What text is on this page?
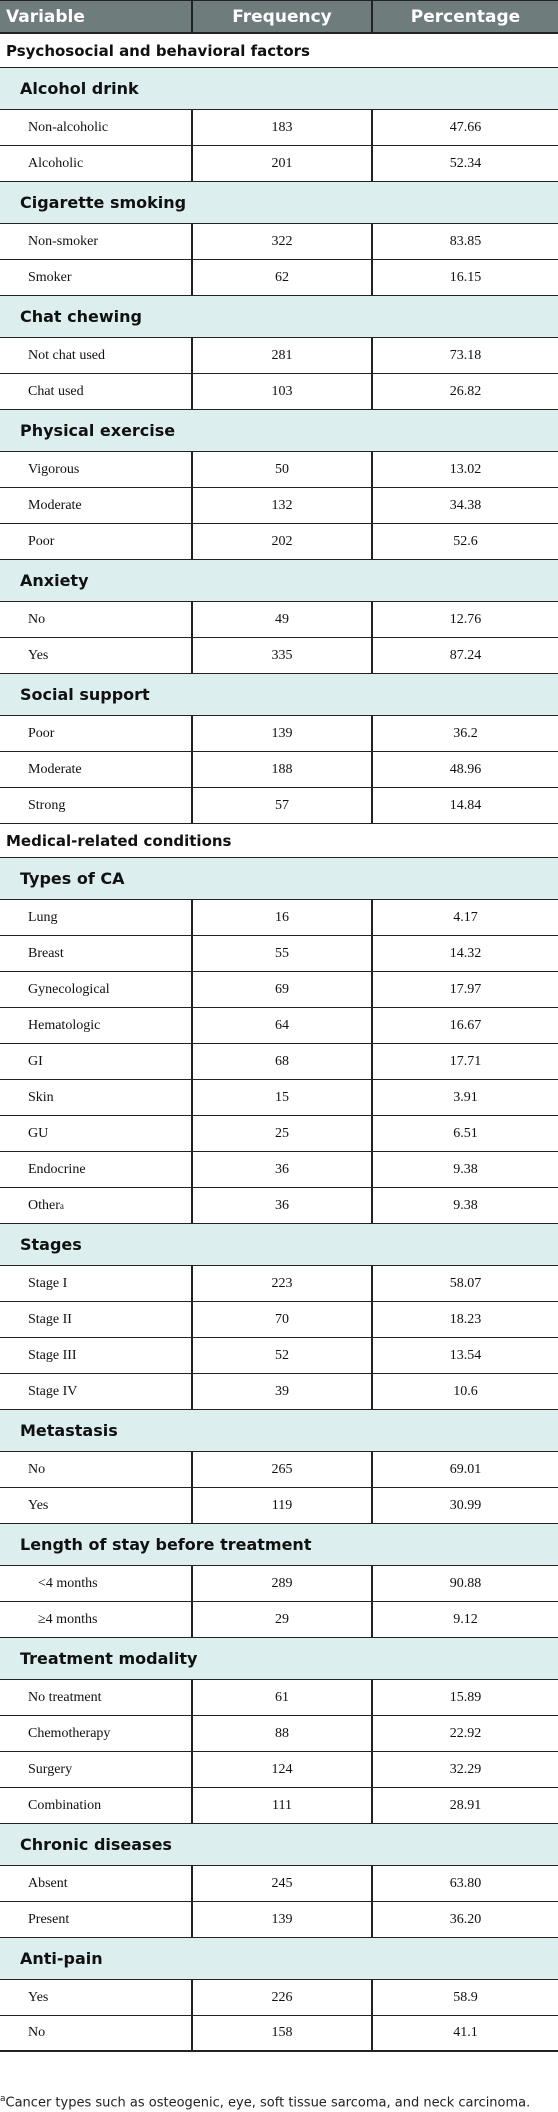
Variable	Frequency	Percentage
Psychosocial and behavioral factors
Alcohol drink
Non-alcoholic	183	47.66
Alcoholic	201	52.34
Cigarette smoking
Non-smoker	322	83.85
Smoker	62	16.15
Chat chewing
Not chat used	281	73.18
Chat used	103	26.82
Physical exercise
Vigorous	50	13.02
Moderate	132	34.38
Poor	202	52.6
Anxiety
No	49	12.76
Yes	335	87.24
Social support
Poor	139	36.2
Moderate	188	48.96
Strong	57	14.84
Medical-related conditions
Types of CA
Lung	16	4.17
Breast	55	14.32
Gynecological	69	17.97
Hematologic	64	16.67
GI	68	17.71
Skin	15	3.91
GU	25	6.51
Endocrine	36	9.38
Other a	36	9.38
Stages
Stage I	223	58.07
Stage II	70	18.23
Stage III	52	13.54
Stage IV	39	10.6
Metastasis
No	265	69.01
Yes	119	30.99
Length of stay before treatment
<4 months	289	90.88
≥4 months	29	9.12
Treatment modality
No treatment	61	15.89
Chemotherapy	88	22.92
Surgery	124	32.29
Combination	111	28.91
Chronic diseases
Absent	245	63.80
Present	139	36.20
Anti-pain
Yes	226	58.9
No	158	41.1
$^a$Cancer types such as osteogenic, eye, soft tissue sarcoma, and neck carcinoma.
